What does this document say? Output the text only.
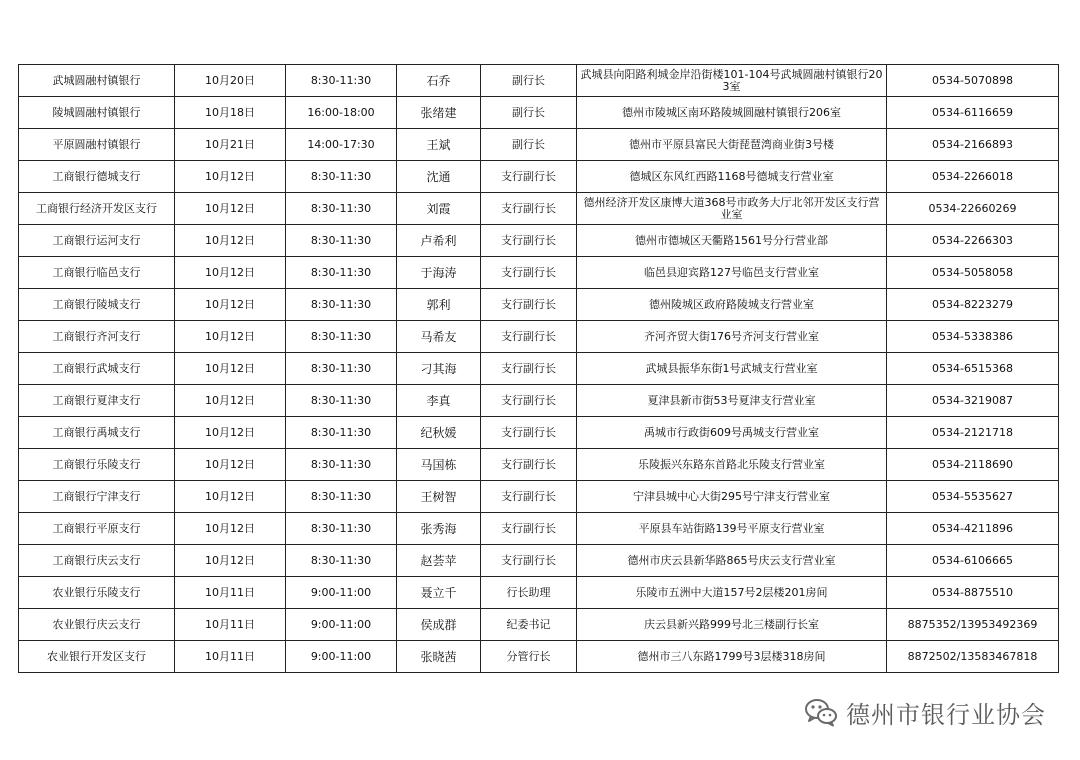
武城圆融村镇银行	10月20日	8:30-11:30	石乔	副行长	武城县向阳路利城金岸沿街楼101-104号武城圆融村镇银行203室	0534-5070898
陵城圆融村镇银行	10月18日	16:00-18:00	张绪建	副行长	德州市陵城区南环路陵城圆融村镇银行206室	0534-6116659
平原圆融村镇银行	10月21日	14:00-17:30	王斌	副行长	德州市平原县富民大街琵琶湾商业街3号楼	0534-2166893
工商银行德城支行	10月12日	8:30-11:30	沈通	支行副行长	德城区东风红西路1168号德城支行营业室	0534-2266018
工商银行经济开发区支行	10月12日	8:30-11:30	刘霞	支行副行长	德州经济开发区康博大道368号市政务大厅北邻开发区支行营业室	0534-22660269
工商银行运河支行	10月12日	8:30-11:30	卢希利	支行副行长	德州市德城区天衢路1561号分行营业部	0534-2266303
工商银行临邑支行	10月12日	8:30-11:30	于海涛	支行副行长	临邑县迎宾路127号临邑支行营业室	0534-5058058
工商银行陵城支行	10月12日	8:30-11:30	郭利	支行副行长	德州陵城区政府路陵城支行营业室	0534-8223279
工商银行齐河支行	10月12日	8:30-11:30	马希友	支行副行长	齐河齐贸大街176号齐河支行营业室	0534-5338386
工商银行武城支行	10月12日	8:30-11:30	刁其海	支行副行长	武城县振华东街1号武城支行营业室	0534-6515368
工商银行夏津支行	10月12日	8:30-11:30	李真	支行副行长	夏津县新市街53号夏津支行营业室	0534-3219087
工商银行禹城支行	10月12日	8:30-11:30	纪秋媛	支行副行长	禹城市行政街609号禹城支行营业室	0534-2121718
工商银行乐陵支行	10月12日	8:30-11:30	马国栋	支行副行长	乐陵振兴东路东首路北乐陵支行营业室	0534-2118690
工商银行宁津支行	10月12日	8:30-11:30	王树智	支行副行长	宁津县城中心大街295号宁津支行营业室	0534-5535627
工商银行平原支行	10月12日	8:30-11:30	张秀海	支行副行长	平原县车站街路139号平原支行营业室	0534-4211896
工商银行庆云支行	10月12日	8:30-11:30	赵荟苹	支行副行长	德州市庆云县新华路865号庆云支行营业室	0534-6106665
农业银行乐陵支行	10月11日	9:00-11:00	聂立千	行长助理	乐陵市五洲中大道157号2层楼201房间	0534-8875510
农业银行庆云支行	10月11日	9:00-11:00	侯成群	纪委书记	庆云县新兴路999号北三楼副行长室	8875352/13953492369
农业银行开发区支行	10月11日	9:00-11:00	张晓茜	分管行长	德州市三八东路1799号3层楼318房间	8872502/13583467818
德州市银行业协会
